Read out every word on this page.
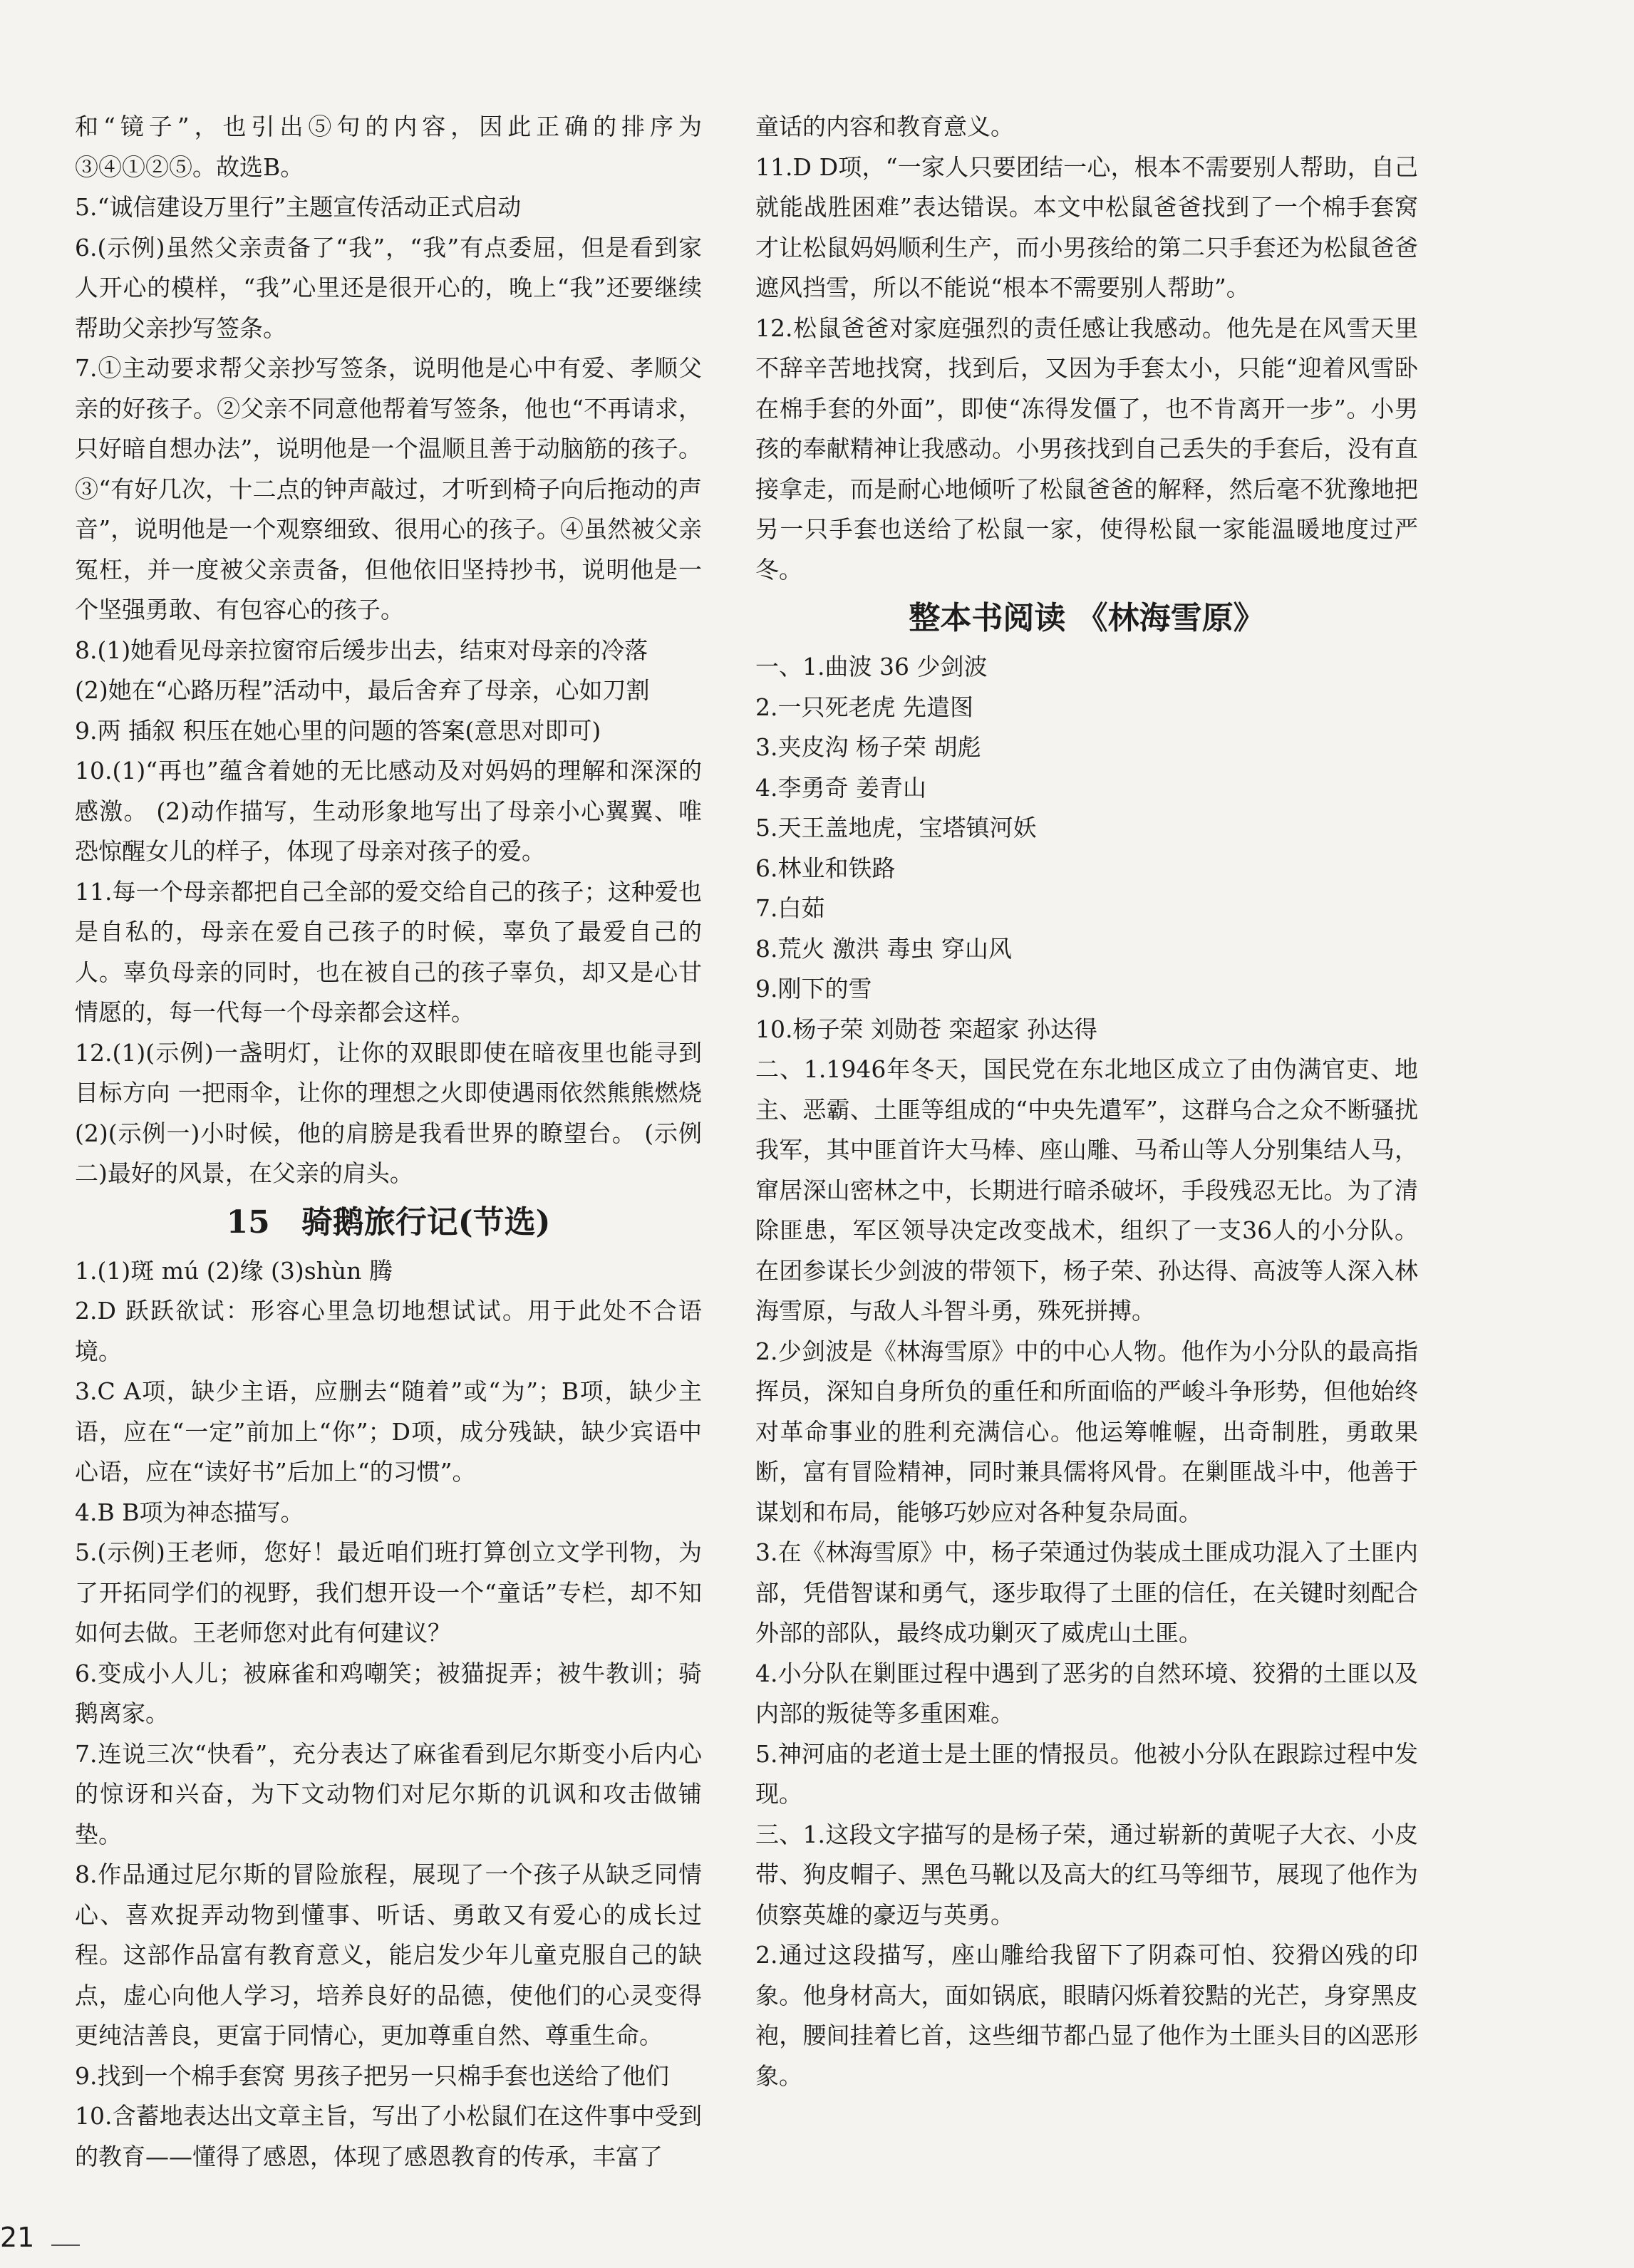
和“镜子”，也引出⑤句的内容，因此正确的排序为③④①②⑤。故选B。
5.“诚信建设万里行”主题宣传活动正式启动
6.(示例)虽然父亲责备了“我”，“我”有点委屈，但是看到家人开心的模样，“我”心里还是很开心的，晚上“我”还要继续帮助父亲抄写签条。
7.①主动要求帮父亲抄写签条，说明他是心中有爱、孝顺父亲的好孩子。②父亲不同意他帮着写签条，他也“不再请求，只好暗自想办法”，说明他是一个温顺且善于动脑筋的孩子。③“有好几次，十二点的钟声敲过，才听到椅子向后拖动的声音”，说明他是一个观察细致、很用心的孩子。④虽然被父亲冤枉，并一度被父亲责备，但他依旧坚持抄书，说明他是一个坚强勇敢、有包容心的孩子。
8.(1)她看见母亲拉窗帘后缓步出去，结束对母亲的冷落
(2)她在“心路历程”活动中，最后舍弃了母亲，心如刀割
9.两 插叙 积压在她心里的问题的答案(意思对即可)
10.(1)“再也”蕴含着她的无比感动及对妈妈的理解和深深的感激。 (2)动作描写，生动形象地写出了母亲小心翼翼、唯恐惊醒女儿的样子，体现了母亲对孩子的爱。
11.每一个母亲都把自己全部的爱交给自己的孩子；这种爱也是自私的，母亲在爱自己孩子的时候，辜负了最爱自己的人。辜负母亲的同时，也在被自己的孩子辜负，却又是心甘情愿的，每一代每一个母亲都会这样。
12.(1)(示例)一盏明灯，让你的双眼即使在暗夜里也能寻到目标方向 一把雨伞，让你的理想之火即使遇雨依然熊熊燃烧 (2)(示例一)小时候，他的肩膀是我看世界的瞭望台。 (示例二)最好的风景，在父亲的肩头。
15 骑鹅旅行记(节选)
1.(1)斑 mú (2)缘 (3)shùn 腾
2.D 跃跃欲试：形容心里急切地想试试。用于此处不合语境。
3.C A项，缺少主语，应删去“随着”或“为”；B项，缺少主语，应在“一定”前加上“你”；D项，成分残缺，缺少宾语中心语，应在“读好书”后加上“的习惯”。
4.B B项为神态描写。
5.(示例)王老师，您好！最近咱们班打算创立文学刊物，为了开拓同学们的视野，我们想开设一个“童话”专栏，却不知如何去做。王老师您对此有何建议？
6.变成小人儿；被麻雀和鸡嘲笑；被猫捉弄；被牛教训；骑鹅离家。
7.连说三次“快看”，充分表达了麻雀看到尼尔斯变小后内心的惊讶和兴奋，为下文动物们对尼尔斯的讥讽和攻击做铺垫。
8.作品通过尼尔斯的冒险旅程，展现了一个孩子从缺乏同情心、喜欢捉弄动物到懂事、听话、勇敢又有爱心的成长过程。这部作品富有教育意义，能启发少年儿童克服自己的缺点，虚心向他人学习，培养良好的品德，使他们的心灵变得更纯洁善良，更富于同情心，更加尊重自然、尊重生命。
9.找到一个棉手套窝 男孩子把另一只棉手套也送给了他们
10.含蓄地表达出文章主旨，写出了小松鼠们在这件事中受到的教育——懂得了感恩，体现了感恩教育的传承，丰富了
童话的内容和教育意义。
11.D D项，“一家人只要团结一心，根本不需要别人帮助，自己就能战胜困难”表达错误。本文中松鼠爸爸找到了一个棉手套窝才让松鼠妈妈顺利生产，而小男孩给的第二只手套还为松鼠爸爸遮风挡雪，所以不能说“根本不需要别人帮助”。
12.松鼠爸爸对家庭强烈的责任感让我感动。他先是在风雪天里不辞辛苦地找窝，找到后，又因为手套太小，只能“迎着风雪卧在棉手套的外面”，即使“冻得发僵了，也不肯离开一步”。小男孩的奉献精神让我感动。小男孩找到自己丢失的手套后，没有直接拿走，而是耐心地倾听了松鼠爸爸的解释，然后毫不犹豫地把另一只手套也送给了松鼠一家，使得松鼠一家能温暖地度过严冬。
整本书阅读 《林海雪原》
一、1.曲波 36 少剑波
2.一只死老虎 先遣图
3.夹皮沟 杨子荣 胡彪
4.李勇奇 姜青山
5.天王盖地虎，宝塔镇河妖
6.林业和铁路
7.白茹
8.荒火 激洪 毒虫 穿山风
9.刚下的雪
10.杨子荣 刘勋苍 栾超家 孙达得
二、1.1946年冬天，国民党在东北地区成立了由伪满官吏、地主、恶霸、土匪等组成的“中央先遣军”，这群乌合之众不断骚扰我军，其中匪首许大马棒、座山雕、马希山等人分别集结人马，窜居深山密林之中，长期进行暗杀破坏，手段残忍无比。为了清除匪患，军区领导决定改变战术，组织了一支36人的小分队。在团参谋长少剑波的带领下，杨子荣、孙达得、高波等人深入林海雪原，与敌人斗智斗勇，殊死拼搏。
2.少剑波是《林海雪原》中的中心人物。他作为小分队的最高指挥员，深知自身所负的重任和所面临的严峻斗争形势，但他始终对革命事业的胜利充满信心。他运筹帷幄，出奇制胜，勇敢果断，富有冒险精神，同时兼具儒将风骨。在剿匪战斗中，他善于谋划和布局，能够巧妙应对各种复杂局面。
3.在《林海雪原》中，杨子荣通过伪装成土匪成功混入了土匪内部，凭借智谋和勇气，逐步取得了土匪的信任，在关键时刻配合外部的部队，最终成功剿灭了威虎山土匪。
4.小分队在剿匪过程中遇到了恶劣的自然环境、狡猾的土匪以及内部的叛徒等多重困难。
5.神河庙的老道士是土匪的情报员。他被小分队在跟踪过程中发现。
三、1.这段文字描写的是杨子荣，通过崭新的黄呢子大衣、小皮带、狗皮帽子、黑色马靴以及高大的红马等细节，展现了他作为侦察英雄的豪迈与英勇。
2.通过这段描写，座山雕给我留下了阴森可怕、狡猾凶残的印象。他身材高大，面如锅底，眼睛闪烁着狡黠的光芒，身穿黑皮袍，腰间挂着匕首，这些细节都凸显了他作为土匪头目的凶恶形象。
21
